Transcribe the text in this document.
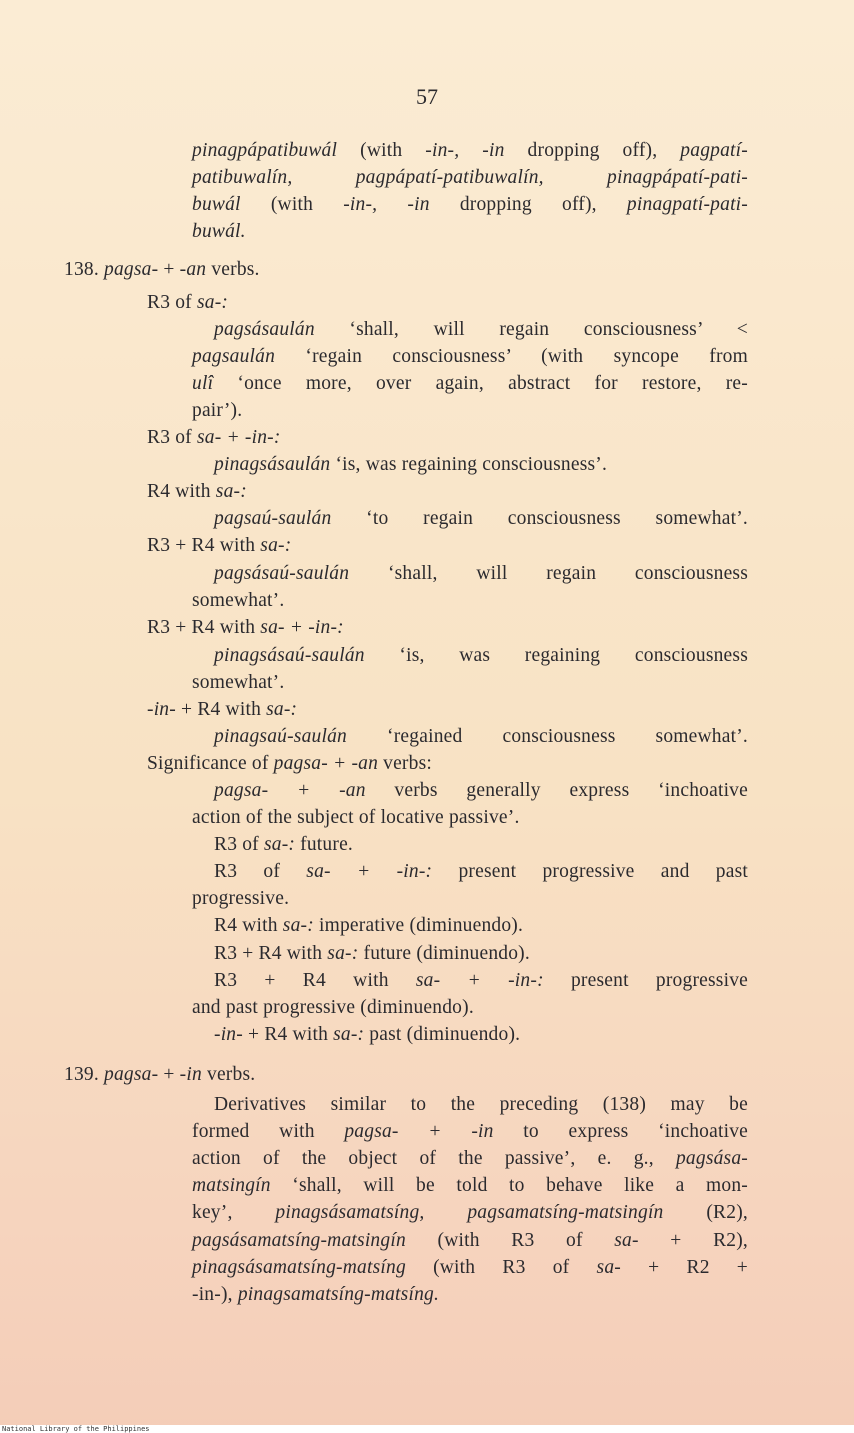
57
pinagpápatibuwál (with -in-, -in dropping off), pagpatí-
patibuwalín, pagpápatí-patibuwalín, pinagpápatí-pati-
buwál (with -in-, -in dropping off), pinagpatí-pati-
buwál.
138. pagsa- + -an verbs.
R3 of sa-:
pagsásaulán ‘shall, will regain consciousness’ <
pagsaulán ‘regain consciousness’ (with syncope from
ulî ‘once more, over again, abstract for restore, re-
pair’).
R3 of sa- + -in-:
pinagsásaulán ‘is, was regaining consciousness’.
R4 with sa-:
pagsaú-saulán ‘to regain consciousness somewhat’.
R3 + R4 with sa-:
pagsásaú-saulán ‘shall, will regain consciousness
somewhat’.
R3 + R4 with sa- + -in-:
pinagsásaú-saulán ‘is, was regaining consciousness
somewhat’.
-in- + R4 with sa-:
pinagsaú-saulán ‘regained consciousness somewhat’.
Significance of pagsa- + -an verbs:
pagsa- + -an verbs generally express ‘inchoative
action of the subject of locative passive’.
R3 of sa-: future.
R3 of sa- + -in-: present progressive and past
progressive.
R4 with sa-: imperative (diminuendo).
R3 + R4 with sa-: future (diminuendo).
R3 + R4 with sa- + -in-: present progressive
and past progressive (diminuendo).
-in- + R4 with sa-: past (diminuendo).
139. pagsa- + -in verbs.
Derivatives similar to the preceding (138) may be
formed with pagsa- + -in to express ‘inchoative
action of the object of the passive’, e. g., pagsása-
matsingín ‘shall, will be told to behave like a mon-
key’, pinagsásamatsíng, pagsamatsíng-matsingín (R2),
pagsásamatsíng-matsingín (with R3 of sa- + R2),
pinagsásamatsíng-matsíng (with R3 of sa- + R2 +
-in-), pinagsamatsíng-matsíng.
National Library of the Philippines
